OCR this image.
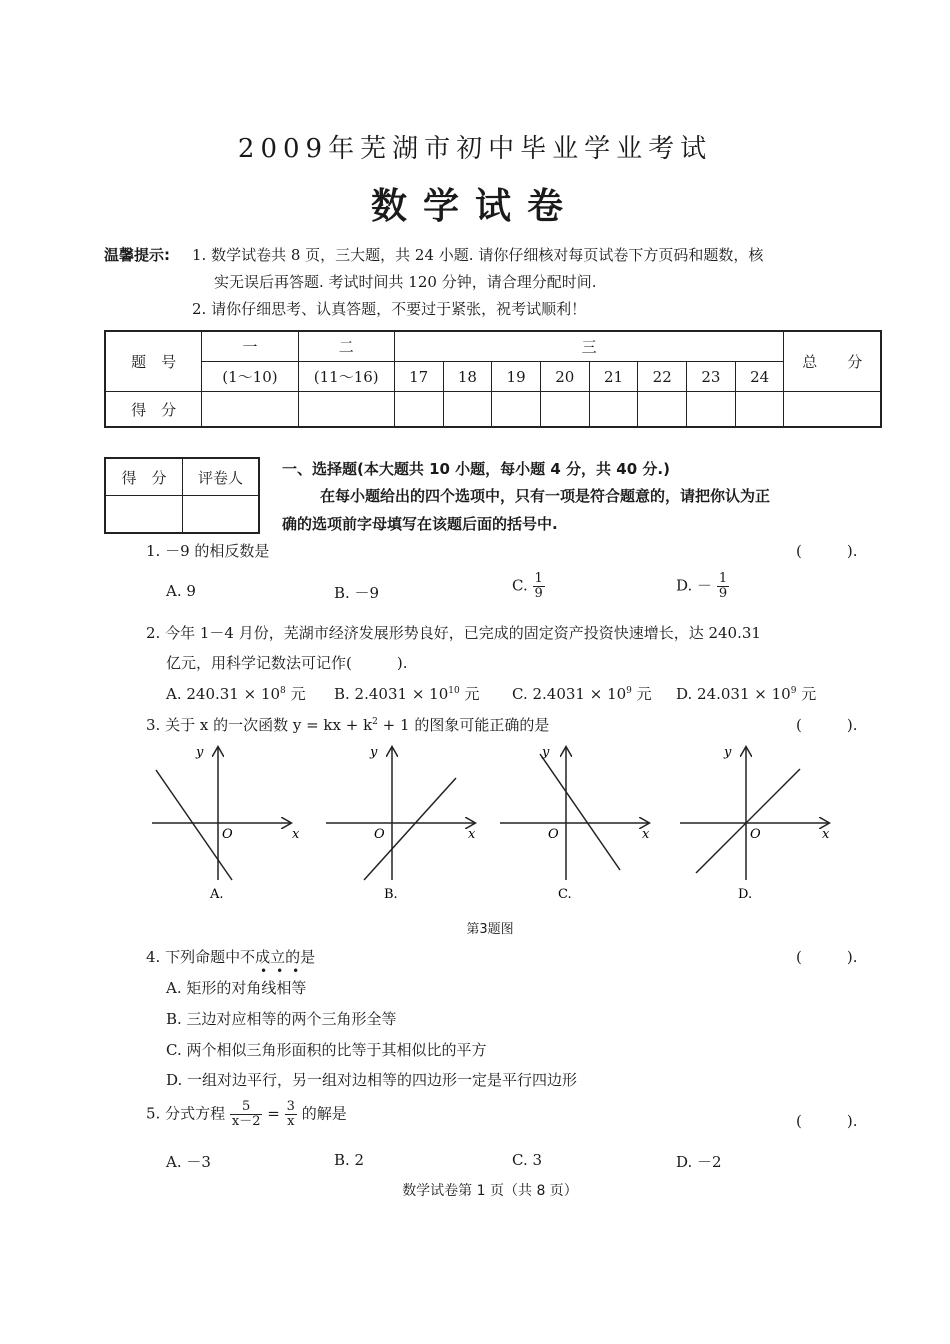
2009年芜湖市初中毕业学业考试
数学试卷
温馨提示: 1. 数学试卷共 8 页，三大题，共 24 小题. 请你仔细核对每页试卷下方页码和题数，核
实无误后再答题. 考试时间共 120 分钟，请合理分配时间.
2. 请你仔细思考、认真答题，不要过于紧张，祝考试顺利！
题　号	一	二	三								总　　分
	(1～10)	(11～16)	17	18	19	20	21	22	23	24	
得　分											
得　分	评卷人
		一、选择题(本大题共 10 小题，每小题 4 分，共 40 分.)
在每小题给出的四个选项中，只有一项是符合题意的，请把你认为正
确的选项前字母填写在该题后面的括号中.
1. －9 的相反数是	(　　　).
A. 9	B. －9	C. $\frac{1}{9}$	D. － $\frac{1}{9}$
2. 今年 1－4 月份，芜湖市经济发展形势良好，已完成的固定资产投资快速增长，达 240.31
亿元，用科学记数法可记作(　　　).
A. $240.31 \times 10^8$ 元 B. $2.4031 \times 10^{10}$ 元 C. $2.4031 \times 10^9$ 元 D. $24.031 \times 10^9$ 元
3. 关于 x 的一次函数 y = kx + $k^2 + 1$ 的图象可能正确的是	(　　　).
y
x
O
A.
y
x
O
B.
y
x
O
C.
y
x
O
D.
第3题图
4. 下列命题中不成立的是
•••
(　　　).
A. 矩形的对角线相等
B. 三边对应相等的两个三角形全等
C. 两个相似三角形面积的比等于其相似比的平方
D. 一组对边平行，另一组对边相等的四边形一定是平行四边形
5. 分式方程 $\frac{5}{x-2} = \frac{3}{x}$ 的解是	(　　　).
A. －3	B. 2	C. 3	D. －2
数学试卷第 1 页（共 8 页）
